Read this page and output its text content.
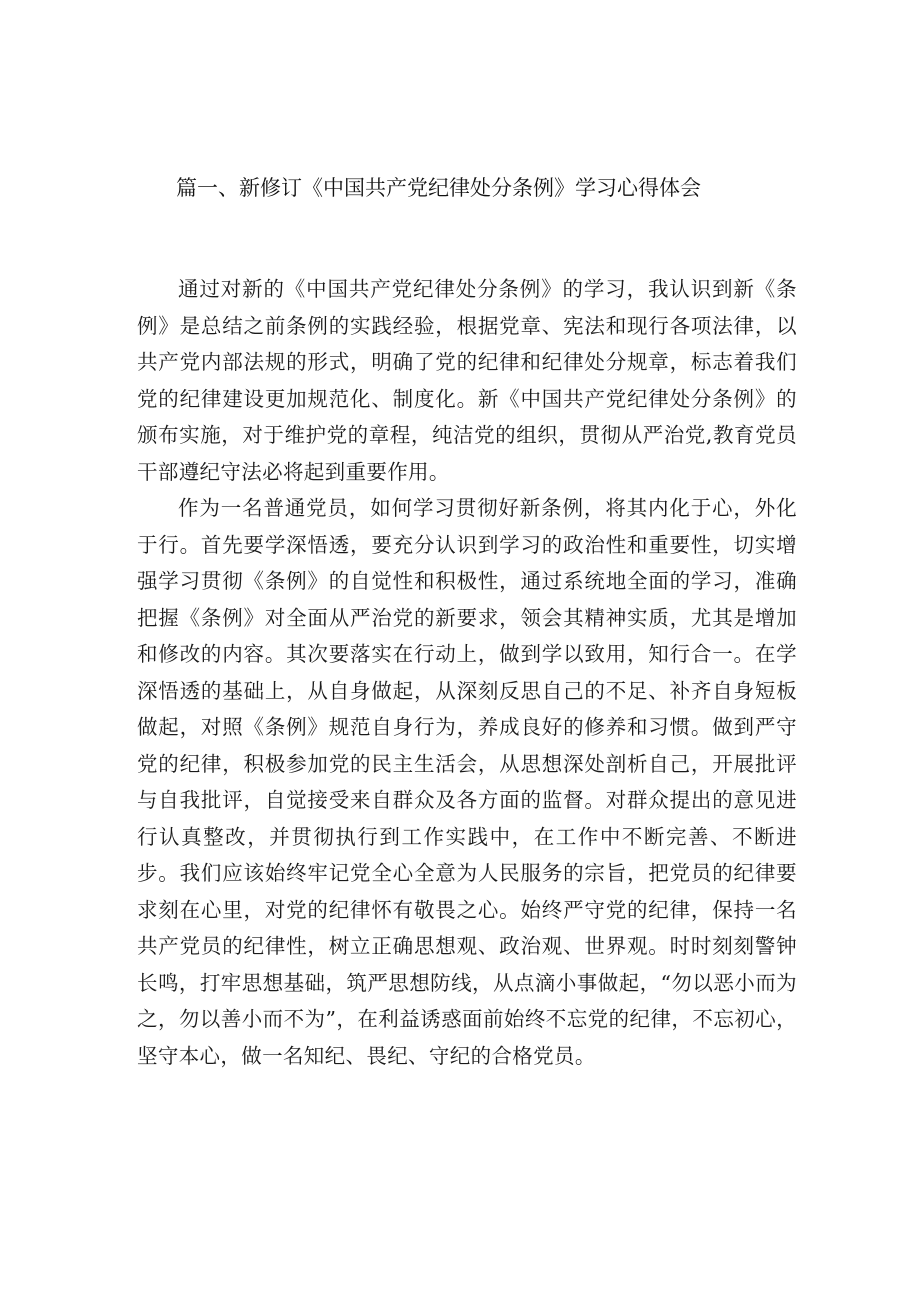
篇一、新修订《中国共产党纪律处分条例》学习心得体会

通过对新的《中国共产党纪律处分条例》的学习，我认识到新《条例》是总结之前条例的实践经验，根据党章、宪法和现行各项法律，以共产党内部法规的形式，明确了党的纪律和纪律处分规章，标志着我们党的纪律建设更加规范化、制度化。新《中国共产党纪律处分条例》的颁布实施，对于维护党的章程，纯洁党的组织，贯彻从严治党,教育党员干部遵纪守法必将起到重要作用。

作为一名普通党员，如何学习贯彻好新条例，将其内化于心，外化于行。首先要学深悟透，要充分认识到学习的政治性和重要性，切实增强学习贯彻《条例》的自觉性和积极性，通过系统地全面的学习，准确把握《条例》对全面从严治党的新要求，领会其精神实质，尤其是增加和修改的内容。其次要落实在行动上，做到学以致用，知行合一。在学深悟透的基础上，从自身做起，从深刻反思自己的不足、补齐自身短板做起，对照《条例》规范自身行为，养成良好的修养和习惯。做到严守党的纪律，积极参加党的民主生活会，从思想深处剖析自己，开展批评与自我批评，自觉接受来自群众及各方面的监督。对群众提出的意见进行认真整改，并贯彻执行到工作实践中，在工作中不断完善、不断进步。我们应该始终牢记党全心全意为人民服务的宗旨，把党员的纪律要求刻在心里，对党的纪律怀有敬畏之心。始终严守党的纪律，保持一名共产党员的纪律性，树立正确思想观、政治观、世界观。时时刻刻警钟长鸣，打牢思想基础，筑严思想防线，从点滴小事做起，“勿以恶小而为之，勿以善小而不为”，在利益诱惑面前始终不忘党的纪律，不忘初心，坚守本心，做一名知纪、畏纪、守纪的合格党员。
